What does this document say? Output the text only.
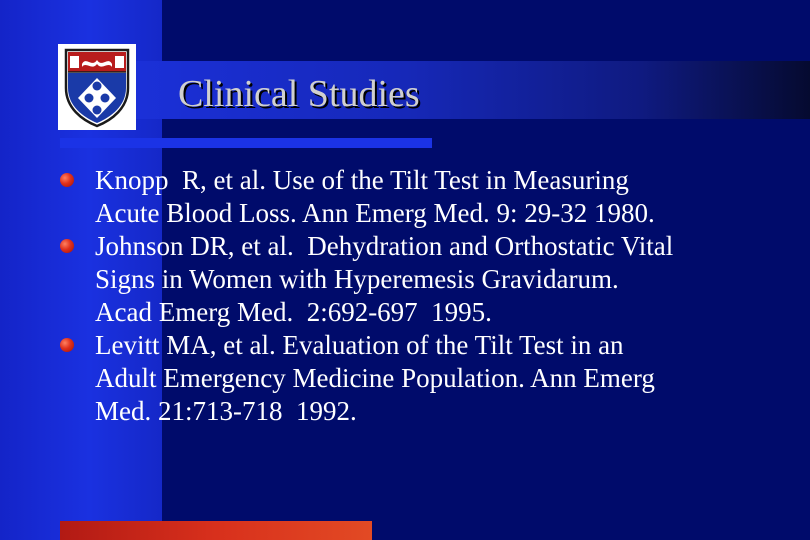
Clinical Studies
Knopp  R, et al. Use of the Tilt Test in Measuring
Acute Blood Loss. Ann Emerg Med. 9: 29-32 1980.
Johnson DR, et al.  Dehydration and Orthostatic Vital
Signs in Women with Hyperemesis Gravidarum.
Acad Emerg Med.  2:692-697  1995.
Levitt MA, et al. Evaluation of the Tilt Test in an
Adult Emergency Medicine Population. Ann Emerg
Med. 21:713-718  1992.
